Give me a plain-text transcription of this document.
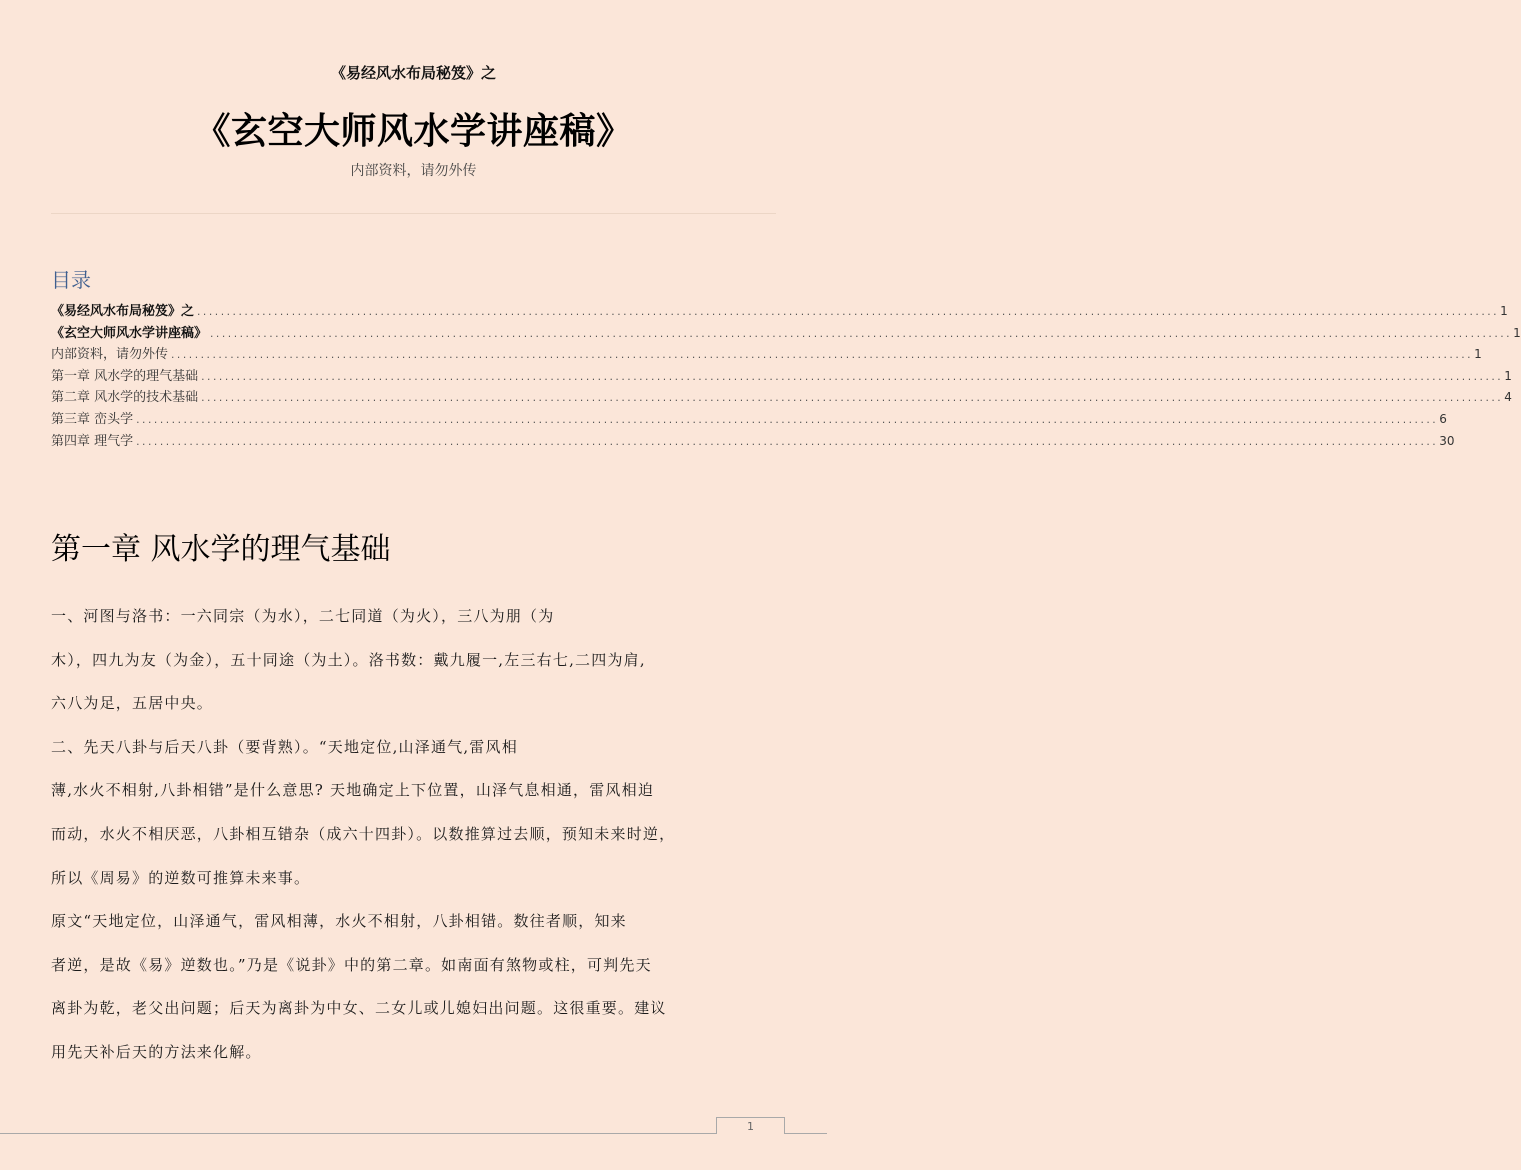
《易经风水布局秘笈》之
《玄空大师风水学讲座稿》
内部资料，请勿外传
目录
《易经风水布局秘笈》之 ............................................................................................................................................................................................................................ 1
《玄空大师风水学讲座稿》 ............................................................................................................................................................................................................................ 1
内部资料，请勿外传 ............................................................................................................................................................................................................................ 1
第一章 风水学的理气基础 ............................................................................................................................................................................................................................ 1
第二章 风水学的技术基础 ............................................................................................................................................................................................................................ 4
第三章 峦头学 ............................................................................................................................................................................................................................ 6
第四章 理气学 ............................................................................................................................................................................................................................ 30
第一章 风水学的理气基础
一、河图与洛书：一六同宗（为水），二七同道（为火），三八为朋（为
木），四九为友（为金），五十同途（为土）。洛书数：戴九履一,左三右七,二四为肩,
六八为足，五居中央。
二、先天八卦与后天八卦（要背熟）。“天地定位,山泽通气,雷风相
薄,水火不相射,八卦相错”是什么意思? 天地确定上下位置，山泽气息相通，雷风相迫
而动，水火不相厌恶，八卦相互错杂（成六十四卦）。以数推算过去顺，预知未来时逆，
所以《周易》的逆数可推算未来事。
原文“天地定位，山泽通气，雷风相薄，水火不相射，八卦相错。数往者顺，知来
者逆，是故《易》逆数也。”乃是《说卦》中的第二章。如南面有煞物或柱，可判先天
离卦为乾，老父出问题；后天为离卦为中女、二女儿或儿媳妇出问题。这很重要。建议
用先天补后天的方法来化解。
1
